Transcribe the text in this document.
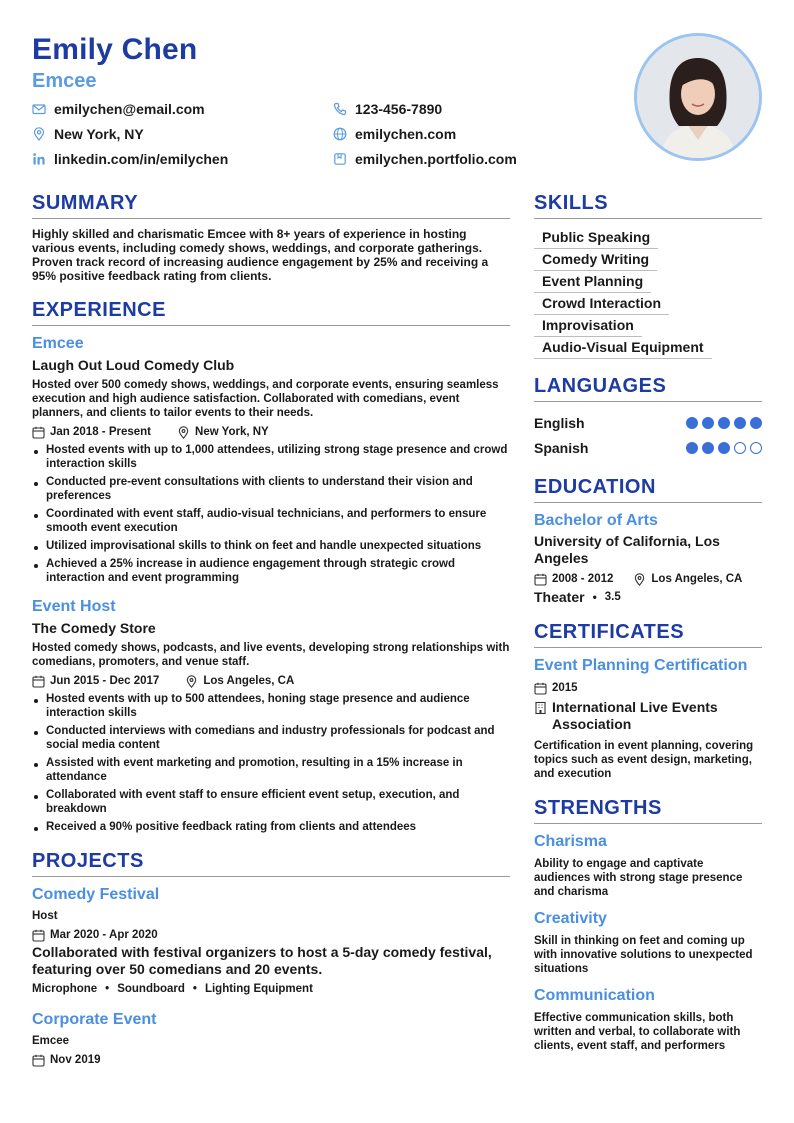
Emily Chen
Emcee
emilychen@email.com	123-456-7890
New York, NY	emilychen.com
linkedin.com/in/emilychen	emilychen.portfolio.com
SUMMARY
Highly skilled and charismatic Emcee with 8+ years of experience in hosting various events, including comedy shows, weddings, and corporate gatherings. Proven track record of increasing audience engagement by 25% and receiving a 95% positive feedback rating from clients.
EXPERIENCE
Emcee
Laugh Out Loud Comedy Club
Hosted over 500 comedy shows, weddings, and corporate events, ensuring seamless execution and high audience satisfaction. Collaborated with comedians, event planners, and clients to tailor events to their needs.
Jan 2018 - Present	New York, NY
Hosted events with up to 1,000 attendees, utilizing strong stage presence and crowd interaction skills
Conducted pre-event consultations with clients to understand their vision and preferences
Coordinated with event staff, audio-visual technicians, and performers to ensure smooth event execution
Utilized improvisational skills to think on feet and handle unexpected situations
Achieved a 25% increase in audience engagement through strategic crowd interaction and event programming
Event Host
The Comedy Store
Hosted comedy shows, podcasts, and live events, developing strong relationships with comedians, promoters, and venue staff.
Jun 2015 - Dec 2017	Los Angeles, CA
Hosted events with up to 500 attendees, honing stage presence and audience interaction skills
Conducted interviews with comedians and industry professionals for podcast and social media content
Assisted with event marketing and promotion, resulting in a 15% increase in attendance
Collaborated with event staff to ensure efficient event setup, execution, and breakdown
Received a 90% positive feedback rating from clients and attendees
PROJECTS
Comedy Festival
Host
Mar 2020 - Apr 2020
Collaborated with festival organizers to host a 5-day comedy festival, featuring over 50 comedians and 20 events.
Microphone • Soundboard • Lighting Equipment
Corporate Event
Emcee
Nov 2019
SKILLS
Public Speaking
Comedy Writing
Event Planning
Crowd Interaction
Improvisation
Audio-Visual Equipment
LANGUAGES
English
Spanish
EDUCATION
Bachelor of Arts
University of California, Los Angeles
2008 - 2012	Los Angeles, CA
Theater • 3.5
CERTIFICATES
Event Planning Certification
2015
International Live Events Association
Certification in event planning, covering topics such as event design, marketing, and execution
STRENGTHS
Charisma
Ability to engage and captivate audiences with strong stage presence and charisma
Creativity
Skill in thinking on feet and coming up with innovative solutions to unexpected situations
Communication
Effective communication skills, both written and verbal, to collaborate with clients, event staff, and performers
